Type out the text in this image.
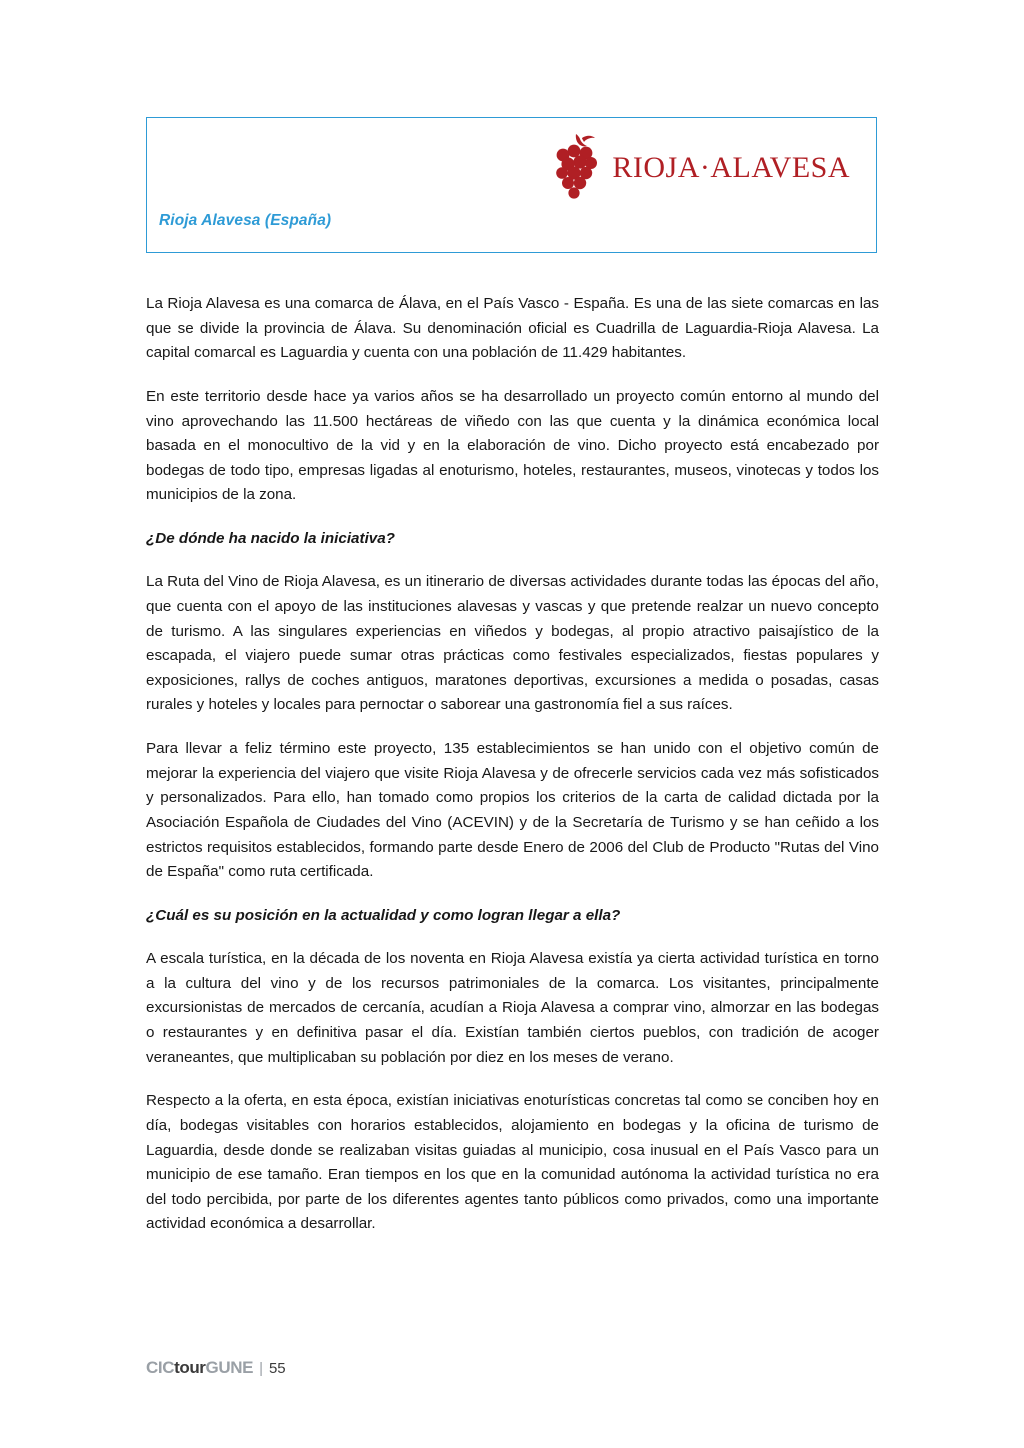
RIOJA·ALAVESA
Rioja Alavesa (España)

La Rioja Alavesa es una comarca de Álava, en el País Vasco - España. Es una de las siete comarcas en las que se divide la provincia de Álava. Su denominación oficial es Cuadrilla de Laguardia-Rioja Alavesa. La capital comarcal es Laguardia y cuenta con una población de 11.429 habitantes.

En este territorio desde hace ya varios años se ha desarrollado un proyecto común entorno al mundo del vino aprovechando las 11.500 hectáreas de viñedo con las que cuenta y la dinámica económica local basada en el monocultivo de la vid y en la elaboración de vino. Dicho proyecto está encabezado por bodegas de todo tipo, empresas ligadas al enoturismo, hoteles, restaurantes, museos, vinotecas y todos los municipios de la zona.

¿De dónde ha nacido la iniciativa?

La Ruta del Vino de Rioja Alavesa, es un itinerario de diversas actividades durante todas las épocas del año, que cuenta con el apoyo de las instituciones alavesas y vascas y que pretende realzar un nuevo concepto de turismo. A las singulares experiencias en viñedos y bodegas, al propio atractivo paisajístico de la escapada, el viajero puede sumar otras prácticas como festivales especializados, fiestas populares y exposiciones, rallys de coches antiguos, maratones deportivas, excursiones a medida o posadas, casas rurales y hoteles y locales para pernoctar o saborear una gastronomía fiel a sus raíces.

Para llevar a feliz término este proyecto, 135 establecimientos se han unido con el objetivo común de mejorar la experiencia del viajero que visite Rioja Alavesa y de ofrecerle servicios cada vez más sofisticados y personalizados. Para ello, han tomado como propios los criterios de la carta de calidad dictada por la Asociación Española de Ciudades del Vino (ACEVIN) y de la Secretaría de Turismo y se han ceñido a los estrictos requisitos establecidos, formando parte desde Enero de 2006 del Club de Producto "Rutas del Vino de España" como ruta certificada.

¿Cuál es su posición en la actualidad y como logran llegar a ella?

A escala turística, en la década de los noventa en Rioja Alavesa existía ya cierta actividad turística en torno a la cultura del vino y de los recursos patrimoniales de la comarca. Los visitantes, principalmente excursionistas de mercados de cercanía, acudían a Rioja Alavesa a comprar vino, almorzar en las bodegas o restaurantes y en definitiva pasar el día. Existían también ciertos pueblos, con tradición de acoger veraneantes, que multiplicaban su población por diez en los meses de verano.

Respecto a la oferta, en esta época, existían iniciativas enoturísticas concretas tal como se conciben hoy en día, bodegas visitables con horarios establecidos, alojamiento en bodegas y la oficina de turismo de Laguardia, desde donde se realizaban visitas guiadas al municipio, cosa inusual en el País Vasco para un municipio de ese tamaño. Eran tiempos en los que en la comunidad autónoma la actividad turística no era del todo percibida, por parte de los diferentes agentes tanto públicos como privados, como una importante actividad económica a desarrollar.

CICtourGUNE | 55
